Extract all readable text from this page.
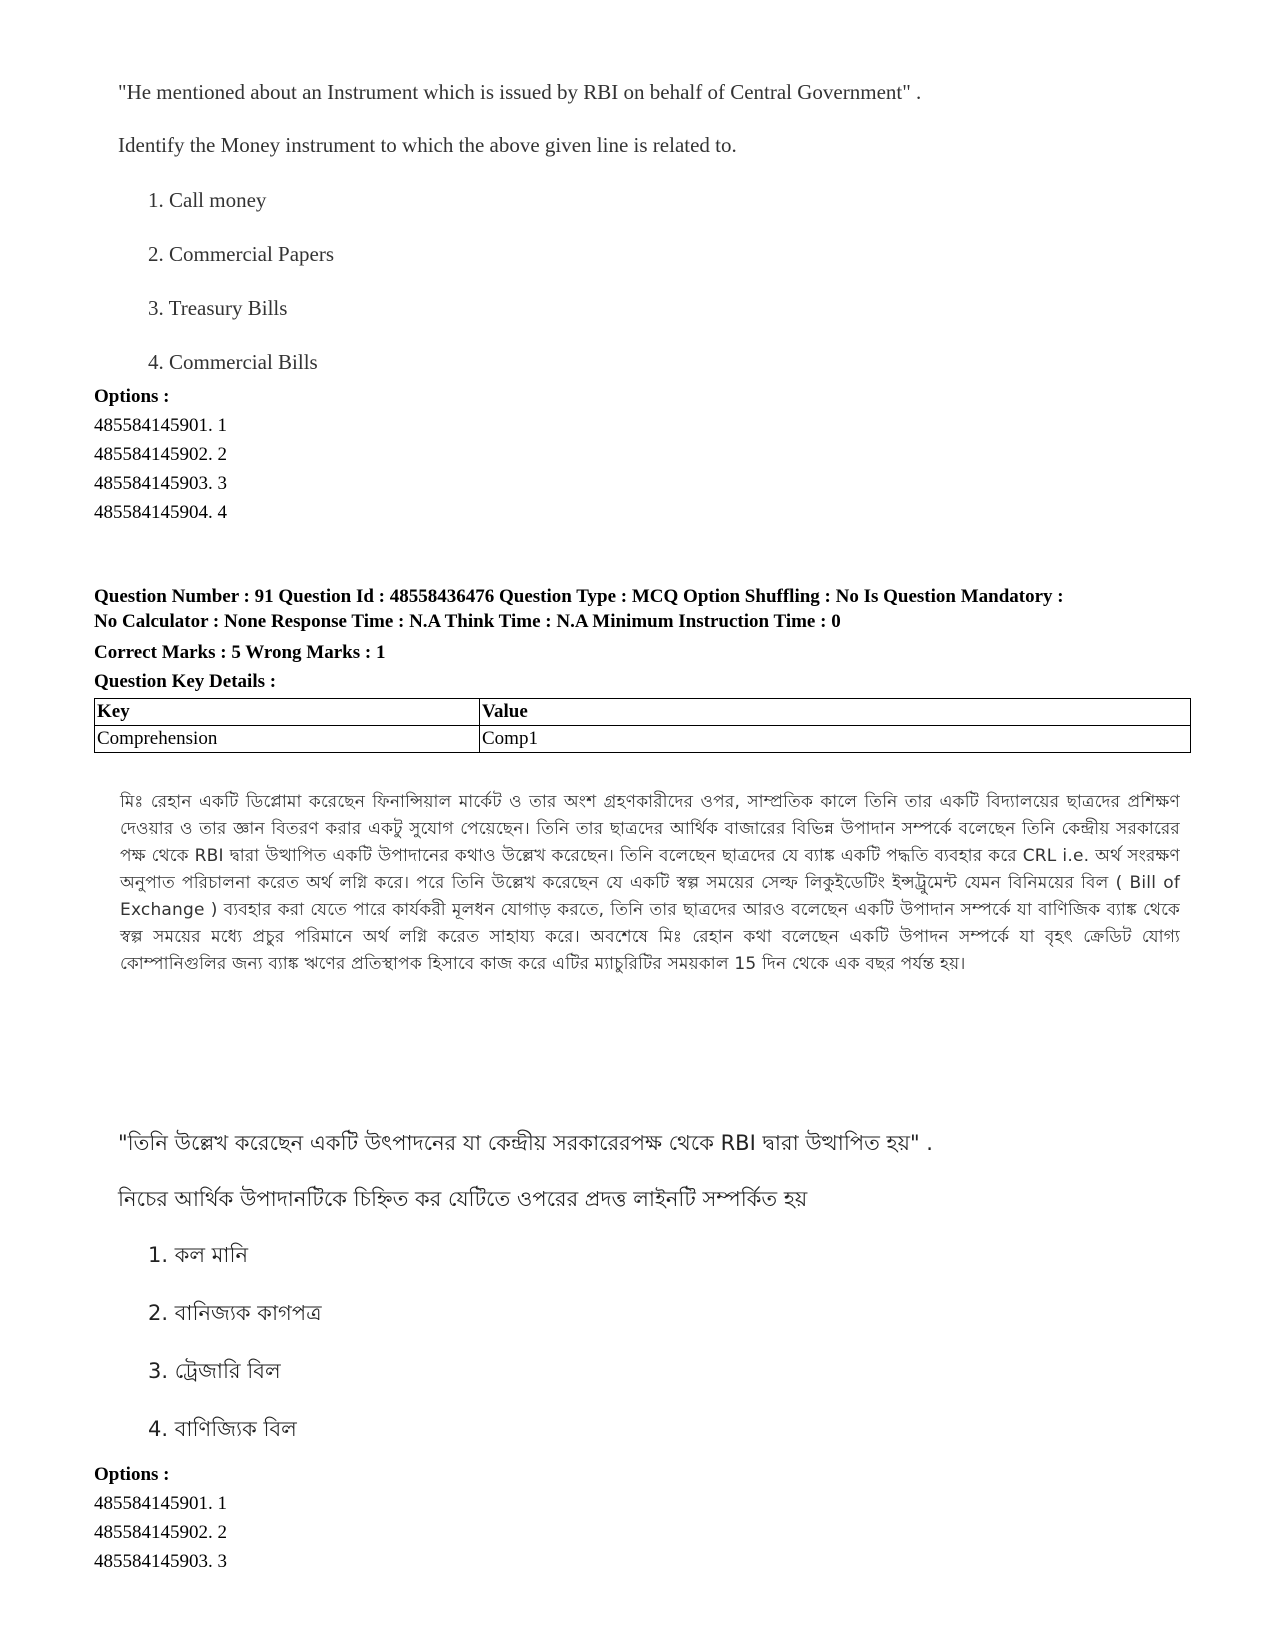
"He mentioned about an Instrument which is issued by RBI on behalf of Central Government" .
Identify the Money instrument to which the above given line is related to.
1. Call money
2. Commercial Papers
3. Treasury Bills
4. Commercial Bills
Options :
485584145901. 1
485584145902. 2
485584145903. 3
485584145904. 4
Question Number : 91 Question Id : 48558436476 Question Type : MCQ Option Shuffling : No Is Question Mandatory :
No Calculator : None Response Time : N.A Think Time : N.A Minimum Instruction Time : 0
Correct Marks : 5 Wrong Marks : 1
Question Key Details :
Key	Value
Comprehension	Comp1
মিঃ রেহান একটি ডিপ্লোমা করেছেন ফিনান্সিয়াল মার্কেট ও তার অংশ গ্রহণকারীদের ওপর, সাম্প্রতিক কালে তিনি তার একটি বিদ্যালয়ের ছাত্রদের প্রশিক্ষণ দেওয়ার ও তার জ্ঞান বিতরণ করার একটু সুযোগ পেয়েছেন। তিনি তার ছাত্রদের আর্থিক বাজারের বিভিন্ন উপাদান সম্পর্কে বলেছেন তিনি কেন্দ্রীয় সরকারের পক্ষ থেকে RBI দ্বারা উত্থাপিত একটি উপাদানের কথাও উল্লেখ করেছেন। তিনি বলেছেন ছাত্রদের যে ব্যাঙ্ক একটি পদ্ধতি ব্যবহার করে CRL i.e. অর্থ সংরক্ষণ অনুপাত পরিচালনা করেত অর্থ লগ্নি করে। পরে তিনি উল্লেখ করেছেন যে একটি স্বল্প সময়ের সেল্ফ লিকুইডেটিং ইন্সট্রুমেন্ট যেমন বিনিময়ের বিল ( Bill of Exchange ) ব্যবহার করা যেতে পারে কার্যকরী মূলধন যোগাড় করতে, তিনি তার ছাত্রদের আরও বলেছেন একটি উপাদান সম্পর্কে যা বাণিজিক ব্যাঙ্ক থেকে স্বল্প সময়ের মধ্যে প্রচুর পরিমানে অর্থ লগ্নি করেত সাহায্য করে। অবশেষে মিঃ রেহান কথা বলেছেন একটি উপাদন সম্পর্কে যা বৃহৎ ক্রেডিট যোগ্য কোম্পানিগুলির জন্য ব্যাঙ্ক ঋণের প্রতিস্থাপক হিসাবে কাজ করে এটির ম্যাচুরিটির সময়কাল 15 দিন থেকে এক বছর পর্যন্ত হয়।
"তিনি উল্লেখ করেছেন একটি উৎপাদনের যা কেন্দ্রীয় সরকারেরপক্ষ থেকে RBI দ্বারা উত্থাপিত হয়" .
নিচের আর্থিক উপাদানটিকে চিহ্নিত কর যেটিতে ওপরের প্রদত্ত লাইনটি সম্পর্কিত হয়
1. কল মানি
2. বানিজ্যক কাগপত্র
3. ট্রেজারি বিল
4. বাণিজ্যিক বিল
Options :
485584145901. 1
485584145902. 2
485584145903. 3
